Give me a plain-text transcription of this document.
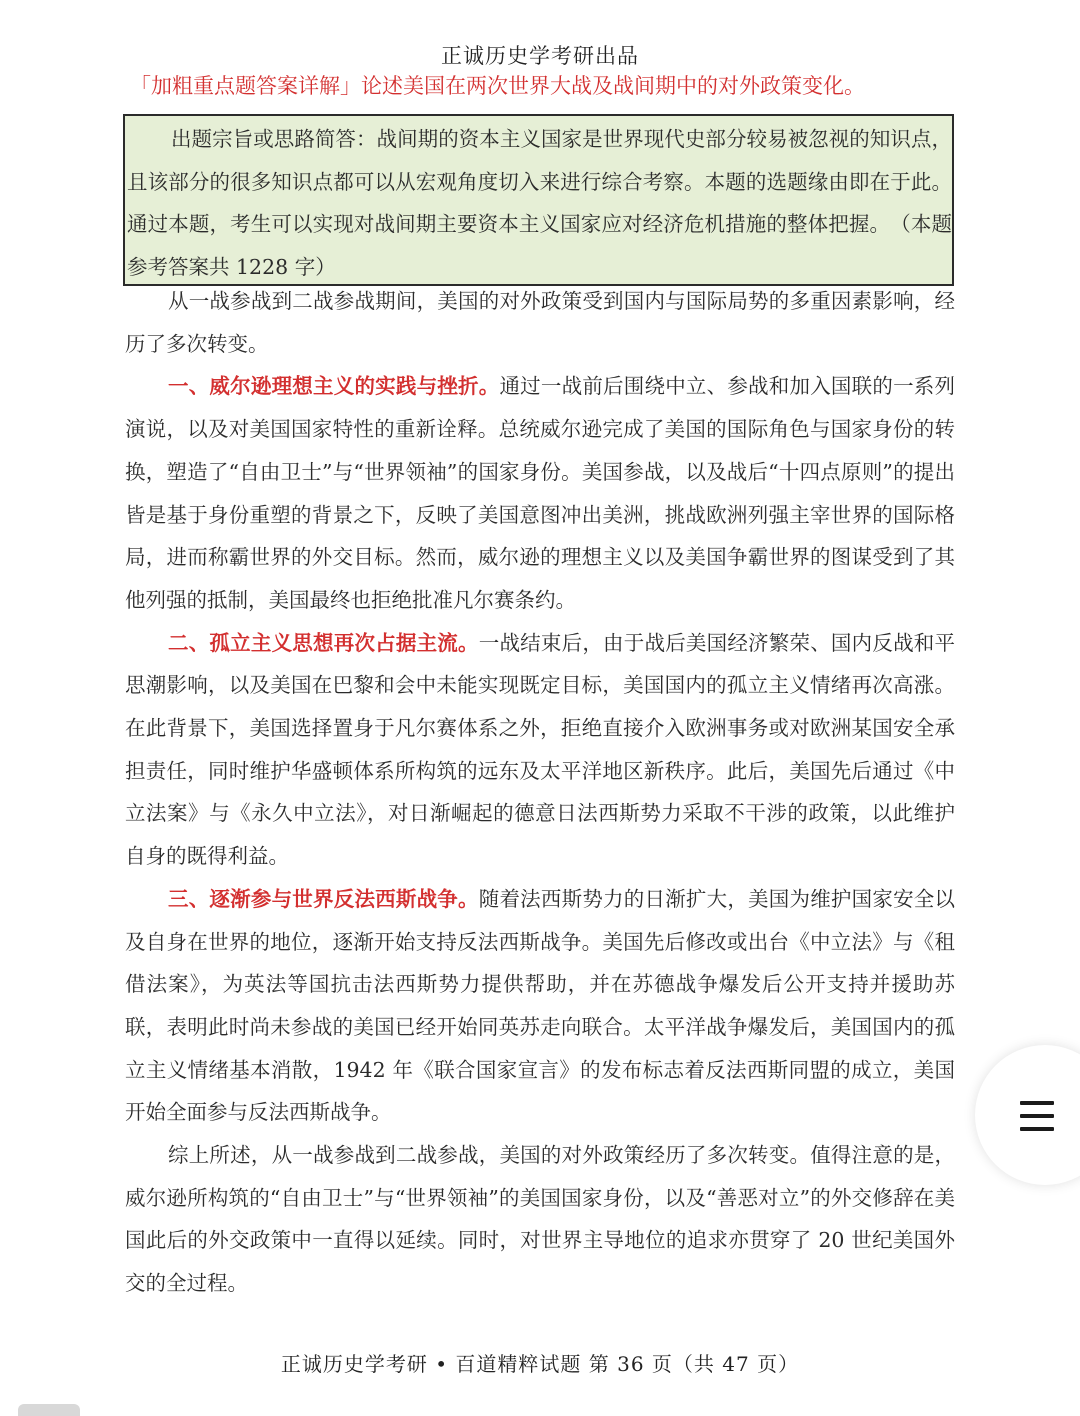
正诚历史学考研出品
「加粗重点题答案详解」论述美国在两次世界大战及战间期中的对外政策变化。
出题宗旨或思路简答：战间期的资本主义国家是世界现代史部分较易被忽视的知识点，且该部分的很多知识点都可以从宏观角度切入来进行综合考察。本题的选题缘由即在于此。通过本题，考生可以实现对战间期主要资本主义国家应对经济危机措施的整体把握。　（本题参考答案共 1228 字）

从一战参战到二战参战期间，美国的对外政策受到国内与国际局势的多重因素影响，经历了多次转变。

一、威尔逊理想主义的实践与挫折。通过一战前后围绕中立、参战和加入国联的一系列演说，以及对美国国家特性的重新诠释。总统威尔逊完成了美国的国际角色与国家身份的转换，塑造了“自由卫士”与“世界领袖”的国家身份。美国参战，以及战后“十四点原则”的提出皆是基于身份重塑的背景之下，反映了美国意图冲出美洲，挑战欧洲列强主宰世界的国际格局，进而称霸世界的外交目标。然而，威尔逊的理想主义以及美国争霸世界的图谋受到了其他列强的抵制，美国最终也拒绝批准凡尔赛条约。

二、孤立主义思想再次占据主流。一战结束后，由于战后美国经济繁荣、国内反战和平思潮影响，以及美国在巴黎和会中未能实现既定目标，美国国内的孤立主义情绪再次高涨。在此背景下，美国选择置身于凡尔赛体系之外，拒绝直接介入欧洲事务或对欧洲某国安全承担责任，同时维护华盛顿体系所构筑的远东及太平洋地区新秩序。此后，美国先后通过《中立法案》与《永久中立法》，对日渐崛起的德意日法西斯势力采取不干涉的政策，以此维护自身的既得利益。

三、逐渐参与世界反法西斯战争。随着法西斯势力的日渐扩大，美国为维护国家安全以及自身在世界的地位，逐渐开始支持反法西斯战争。美国先后修改或出台《中立法》与《租借法案》，为英法等国抗击法西斯势力提供帮助，并在苏德战争爆发后公开支持并援助苏联，表明此时尚未参战的美国已经开始同英苏走向联合。太平洋战争爆发后，美国国内的孤立主义情绪基本消散，1942 年《联合国家宣言》的发布标志着反法西斯同盟的成立，美国开始全面参与反法西斯战争。

综上所述，从一战参战到二战参战，美国的对外政策经历了多次转变。值得注意的是，威尔逊所构筑的“自由卫士”与“世界领袖”的美国国家身份，以及“善恶对立”的外交修辞在美国此后的外交政策中一直得以延续。同时，对世界主导地位的追求亦贯穿了 20 世纪美国外交的全过程。

正诚历史学考研 • 百道精粹试题 第 36 页（共 47 页）
